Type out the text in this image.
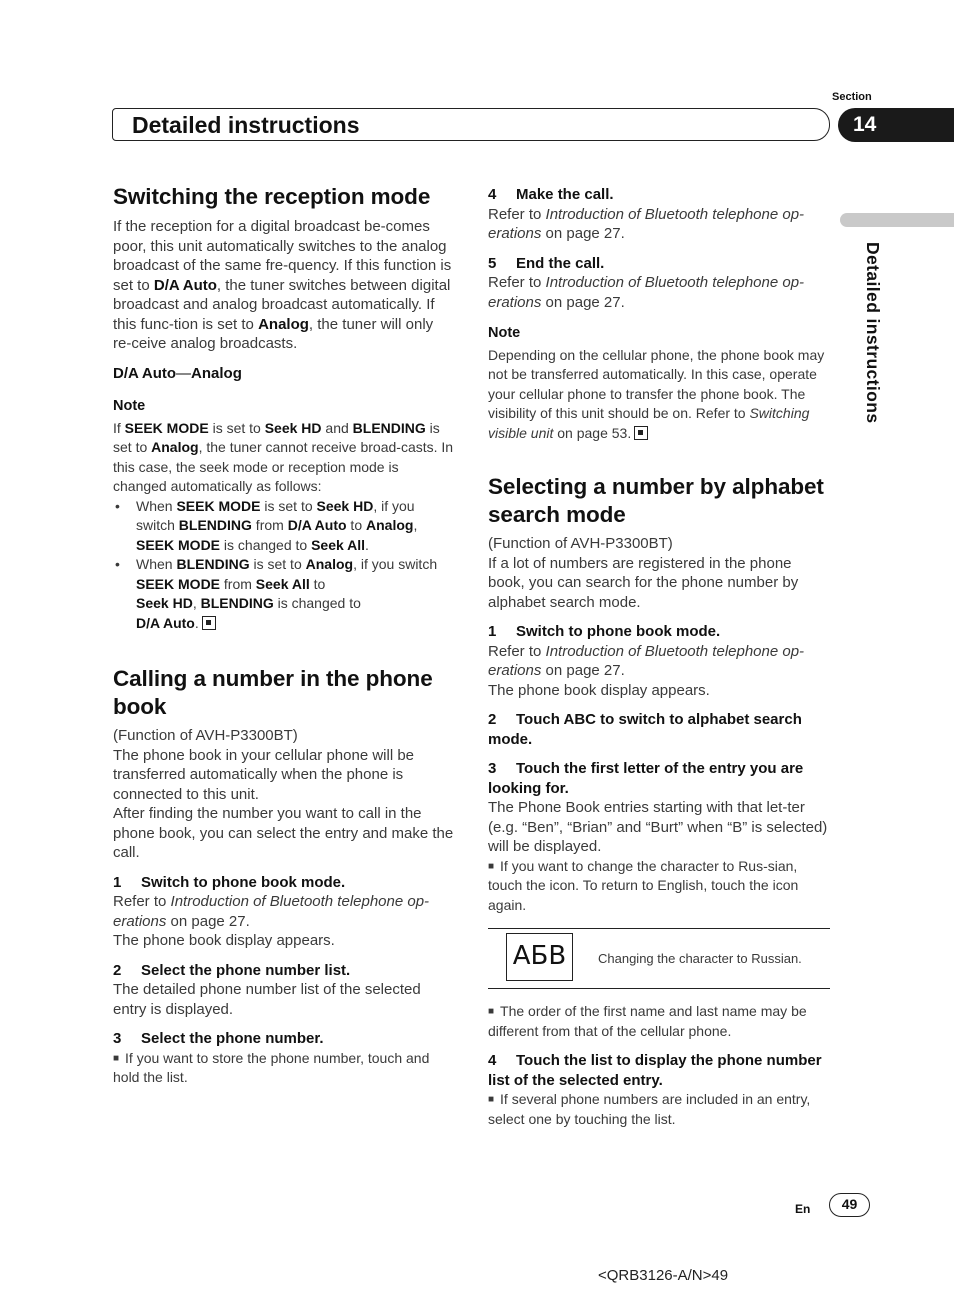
Section
Detailed instructions	14
Detailed instructions
Switching the reception mode

If the reception for a digital broadcast be-comes poor, this unit automatically switches to the analog broadcast of the same fre-quency. If this function is set to D/A Auto, the tuner switches between digital broadcast and analog broadcast automatically. If this func-tion is set to Analog, the tuner will only re-ceive analog broadcasts.

D/A Auto—Analog

Note

If SEEK MODE is set to Seek HD and BLENDING is set to Analog, the tuner cannot receive broad-casts. In this case, the seek mode or reception mode is changed automatically as follows:

• When SEEK MODE is set to Seek HD, if you switch BLENDING from D/A Auto to Analog, SEEK MODE is changed to Seek All.
• When BLENDING is set to Analog, if you switch SEEK MODE from Seek All to
Seek HD, BLENDING is changed to
D/A Auto.
Calling a number in the phone book

(Function of AVH-P3300BT)

The phone book in your cellular phone will be transferred automatically when the phone is connected to this unit.

After finding the number you want to call in the phone book, you can select the entry and make the call.

1 Switch to phone book mode.

Refer to Introduction of Bluetooth telephone op-erations on page 27.

The phone book display appears.

2 Select the phone number list.

The detailed phone number list of the selected entry is displayed.

3 Select the phone number.

■ If you want to store the phone number, touch and hold the list.

4 Make the call.

Refer to Introduction of Bluetooth telephone op-erations on page 27.

5 End the call.

Refer to Introduction of Bluetooth telephone op-erations on page 27.

Note

Depending on the cellular phone, the phone book may not be transferred automatically. In this case, operate your cellular phone to transfer the phone book. The visibility of this unit should be on. Refer to Switching visible unit on page 53.

Selecting a number by alphabet search mode

(Function of AVH-P3300BT)

If a lot of numbers are registered in the phone book, you can search for the phone number by alphabet search mode.

1 Switch to phone book mode.

Refer to Introduction of Bluetooth telephone op-erations on page 27.

The phone book display appears.

2 Touch ABC to switch to alphabet search mode.

3 Touch the first letter of the entry you are looking for.

The Phone Book entries starting with that let-ter (e.g. “Ben”, “Brian” and “Burt” when “B” is selected) will be displayed.

■ If you want to change the character to Rus-sian, touch the icon. To return to English, touch the icon again.

АБВ	Changing the character to Russian.

■ The order of the first name and last name may be different from that of the cellular phone.

4 Touch the list to display the phone number list of the selected entry.

■ If several phone numbers are included in an entry, select one by touching the list.

En	49
<QRB3126-A/N>49
